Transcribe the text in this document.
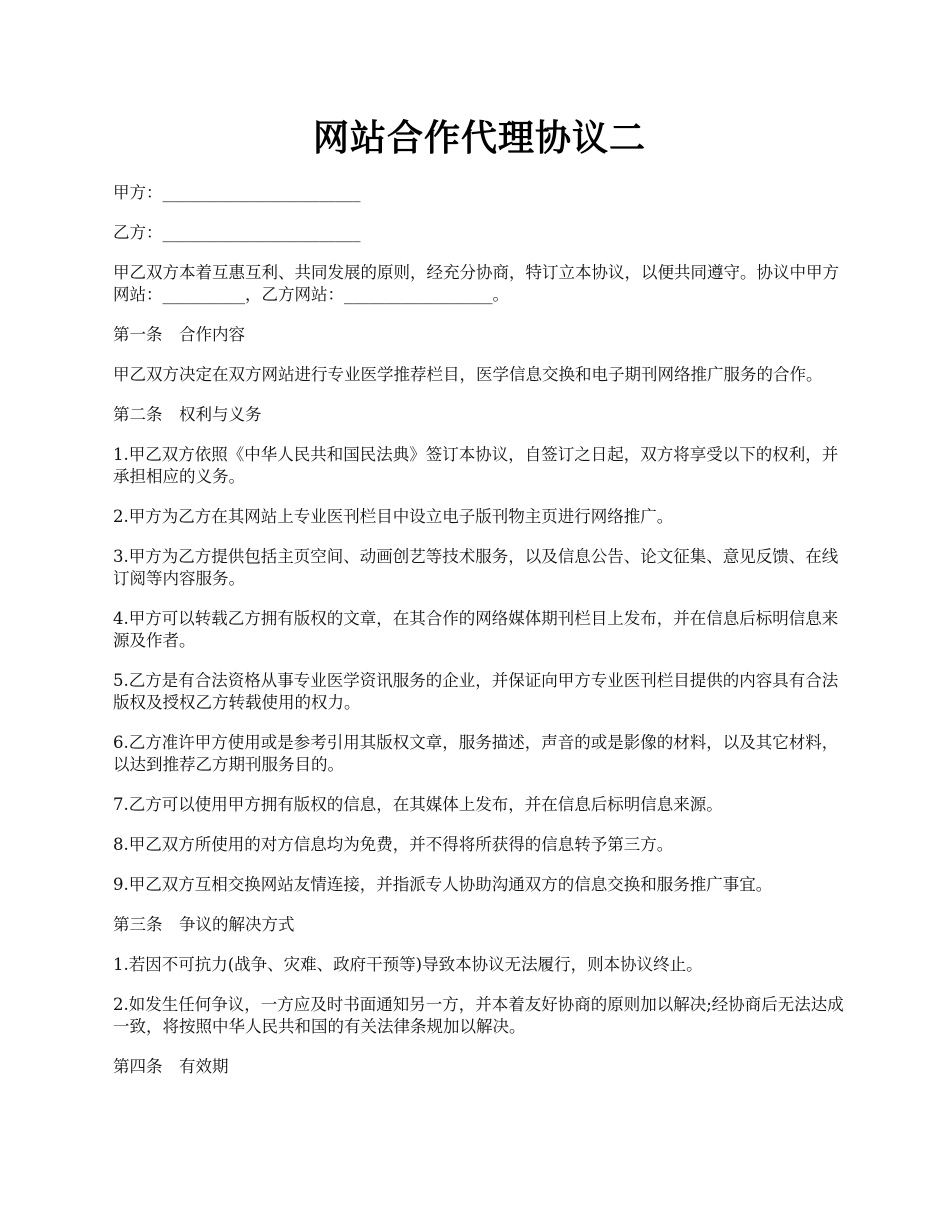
网站合作代理协议二

甲方：________________________

乙方：________________________

甲乙双方本着互惠互利、共同发展的原则，经充分协商，特订立本协议，以便共同遵守。协议中甲方网站：__________，乙方网站：__________________。

第一条　合作内容

甲乙双方决定在双方网站进行专业医学推荐栏目，医学信息交换和电子期刊网络推广服务的合作。

第二条　权利与义务

1.甲乙双方依照《中华人民共和国民法典》签订本协议，自签订之日起，双方将享受以下的权利，并承担相应的义务。

2.甲方为乙方在其网站上专业医刊栏目中设立电子版刊物主页进行网络推广。

3.甲方为乙方提供包括主页空间、动画创艺等技术服务，以及信息公告、论文征集、意见反馈、在线订阅等内容服务。

4.甲方可以转载乙方拥有版权的文章，在其合作的网络媒体期刊栏目上发布，并在信息后标明信息来源及作者。

5.乙方是有合法资格从事专业医学资讯服务的企业，并保证向甲方专业医刊栏目提供的内容具有合法版权及授权乙方转载使用的权力。

6.乙方准许甲方使用或是参考引用其版权文章，服务描述，声音的或是影像的材料，以及其它材料，以达到推荐乙方期刊服务目的。

7.乙方可以使用甲方拥有版权的信息，在其媒体上发布，并在信息后标明信息来源。

8.甲乙双方所使用的对方信息均为免费，并不得将所获得的信息转予第三方。

9.甲乙双方互相交换网站友情连接，并指派专人协助沟通双方的信息交换和服务推广事宜。

第三条　争议的解决方式

1.若因不可抗力(战争、灾难、政府干预等)导致本协议无法履行，则本协议终止。

2.如发生任何争议，一方应及时书面通知另一方，并本着友好协商的原则加以解决;经协商后无法达成一致，将按照中华人民共和国的有关法律条规加以解决。

第四条　有效期
